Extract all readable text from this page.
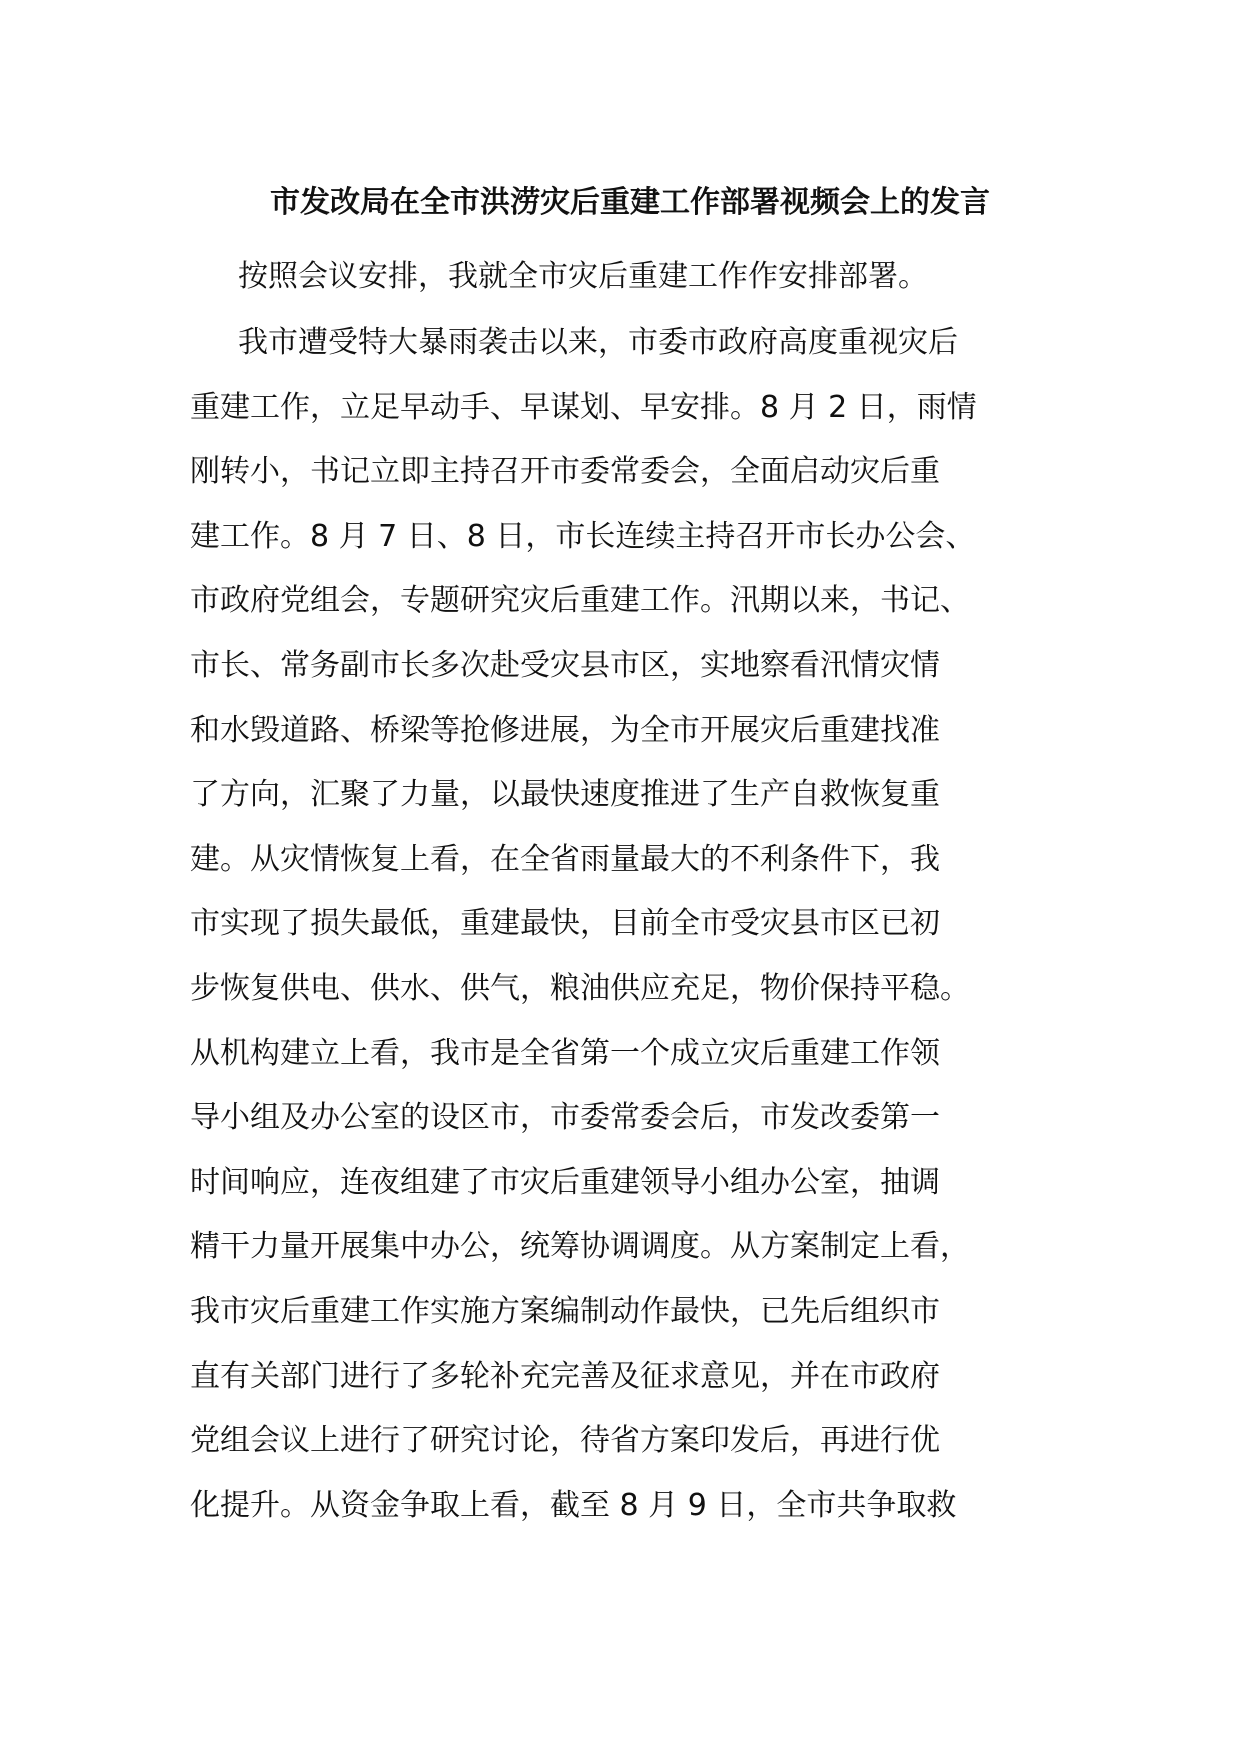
市发改局在全市洪涝灾后重建工作部署视频会上的发言
按照会议安排，我就全市灾后重建工作作安排部署。
我市遭受特大暴雨袭击以来，市委市政府高度重视灾后
重建工作，立足早动手、早谋划、早安排。8 月 2 日，雨情
刚转小，书记立即主持召开市委常委会，全面启动灾后重
建工作。8 月 7 日、8 日，市长连续主持召开市长办公会、
市政府党组会，专题研究灾后重建工作。汛期以来，书记、
市长、常务副市长多次赴受灾县市区，实地察看汛情灾情
和水毁道路、桥梁等抢修进展，为全市开展灾后重建找准
了方向，汇聚了力量，以最快速度推进了生产自救恢复重
建。从灾情恢复上看，在全省雨量最大的不利条件下，我
市实现了损失最低，重建最快，目前全市受灾县市区已初
步恢复供电、供水、供气，粮油供应充足，物价保持平稳。
从机构建立上看，我市是全省第一个成立灾后重建工作领
导小组及办公室的设区市，市委常委会后，市发改委第一
时间响应，连夜组建了市灾后重建领导小组办公室，抽调
精干力量开展集中办公，统筹协调调度。从方案制定上看，
我市灾后重建工作实施方案编制动作最快，已先后组织市
直有关部门进行了多轮补充完善及征求意见，并在市政府
党组会议上进行了研究讨论，待省方案印发后，再进行优
化提升。从资金争取上看，截至 8 月 9 日，全市共争取救
